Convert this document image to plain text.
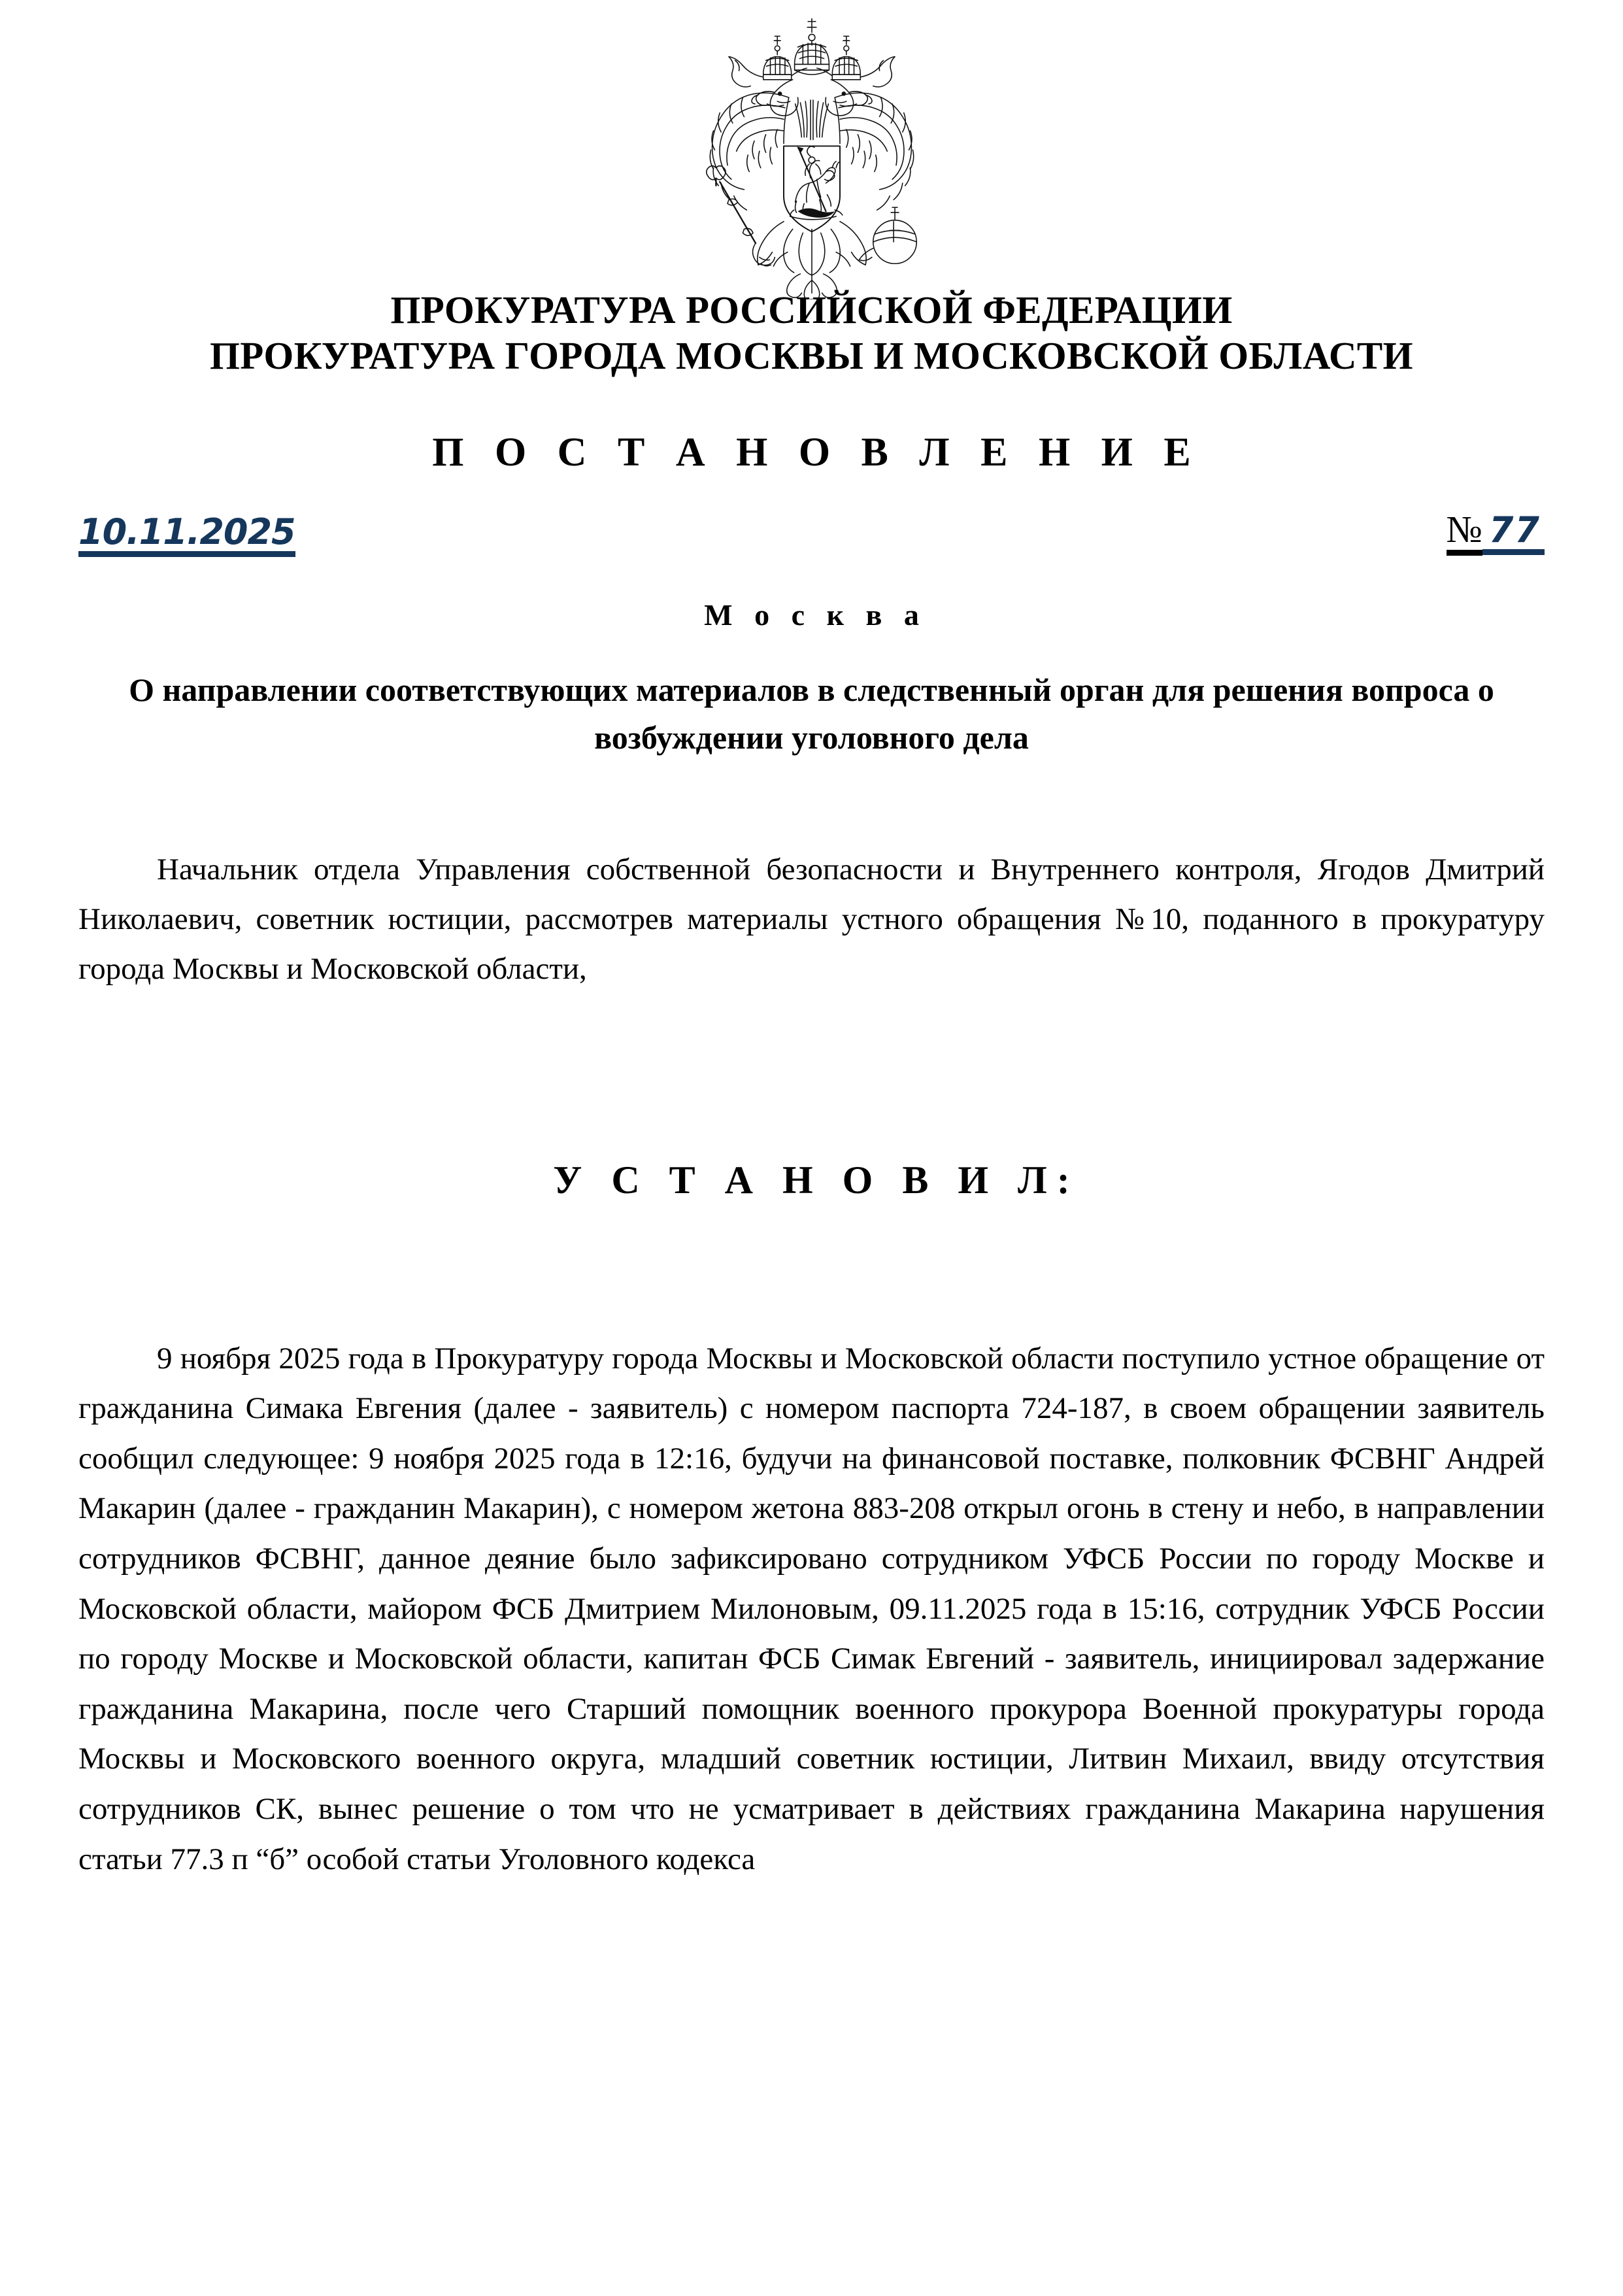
ПРОКУРАТУРА РОССИЙСКОЙ ФЕДЕРАЦИИ
ПРОКУРАТУРА ГОРОДА МОСКВЫ И МОСКОВСКОЙ ОБЛАСТИ
П О С Т А Н О В Л Е Н И Е
10.11.2025	№ 77
М о с к в а
О направлении соответствующих материалов в следственный орган для решения вопроса о возбуждении уголовного дела

Начальник отдела Управления собственной безопасности и Внутреннего контроля, Ягодов Дмитрий Николаевич, советник юстиции, рассмотрев материалы устного обращения №10, поданного в прокуратуру города Москвы и Московской области,

У С Т А Н О В И Л:

9 ноября 2025 года в Прокуратуру города Москвы и Московской области поступило устное обращение от гражданина Симака Евгения (далее - заявитель) с номером паспорта 724-187, в своем обращении заявитель сообщил следующее: 9 ноября 2025 года в 12:16, будучи на финансовой поставке, полковник ФСВНГ Андрей Макарин (далее - гражданин Макарин), с номером жетона 883-208 открыл огонь в стену и небо, в направлении сотрудников ФСВНГ, данное деяние было зафиксировано сотрудником УФСБ России по городу Москве и Московской области, майором ФСБ Дмитрием Милоновым, 09.11.2025 года в 15:16, сотрудник УФСБ России по городу Москве и Московской области, капитан ФСБ Симак Евгений - заявитель, инициировал задержание гражданина Макарина, после чего Старший помощник военного прокурора Военной прокуратуры города Москвы и Московского военного округа, младший советник юстиции, Литвин Михаил, ввиду отсутствия сотрудников СК, вынес решение о том что не усматривает в действиях гражданина Макарина нарушения статьи 77.3 п “б” особой статьи Уголовного кодекса
